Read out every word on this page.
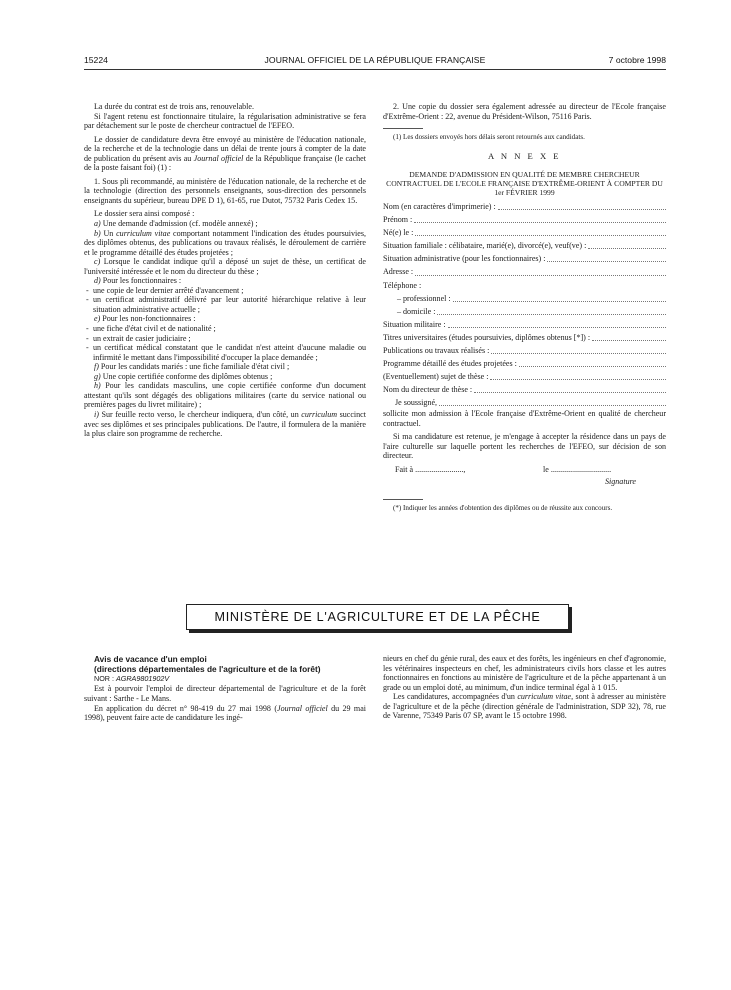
15224	JOURNAL OFFICIEL DE LA RÉPUBLIQUE FRANÇAISE	7 octobre 1998

La durée du contrat est de trois ans, renouvelable.

Si l'agent retenu est fonctionnaire titulaire, la régularisation administrative se fera par détachement sur le poste de chercheur contractuel de l'EFEO.

Le dossier de candidature devra être envoyé au ministère de l'éducation nationale, de la recherche et de la technologie dans un délai de trente jours à compter de la date de publication du présent avis au Journal officiel de la République française (le cachet de la poste faisant foi) (1) :

1. Sous pli recommandé, au ministère de l'éducation nationale, de la recherche et de la technologie (direction des personnels enseignants, sous-direction des personnels enseignants du supérieur, bureau DPE D 1), 61-65, rue Dutot, 75732 Paris Cedex 15.

Le dossier sera ainsi composé :

a) Une demande d'admission (cf. modèle annexé) ;

b) Un curriculum vitae comportant notamment l'indication des études poursuivies, des diplômes obtenus, des publications ou travaux réalisés, le déroulement de carrière et le programme détaillé des études projetées ;

c) Lorsque le candidat indique qu'il a déposé un sujet de thèse, un certificat de l'université intéressée et le nom du directeur du thèse ;

d) Pour les fonctionnaires :

- une copie de leur dernier arrêté d'avancement ;

- un certificat administratif délivré par leur autorité hiérarchique relative à leur situation administrative actuelle ;

e) Pour les non-fonctionnaires :

- une fiche d'état civil et de nationalité ;

- un extrait de casier judiciaire ;

- un certificat médical constatant que le candidat n'est atteint d'aucune maladie ou infirmité le mettant dans l'impossibilité d'occuper la place demandée ;

f) Pour les candidats mariés : une fiche familiale d'état civil ;

g) Une copie certifiée conforme des diplômes obtenus ;

h) Pour les candidats masculins, une copie certifiée conforme d'un document attestant qu'ils sont dégagés des obligations militaires (carte du service national ou premières pages du livret militaire) ;

i) Sur feuille recto verso, le chercheur indiquera, d'un côté, un curriculum succinct avec ses diplômes et ses principales publications. De l'autre, il formulera de la manière la plus claire son programme de recherche.

2. Une copie du dossier sera également adressée au directeur de l'Ecole française d'Extrême-Orient : 22, avenue du Président-Wilson, 75116 Paris.

(1) Les dossiers envoyés hors délais seront retournés aux candidats.

A N N E X E

DEMANDE D'ADMISSION EN QUALITÉ DE MEMBRE CHERCHEUR CONTRACTUEL DE L'ECOLE FRANÇAISE D'EXTRÊME-ORIENT À COMPTER DU 1er FÉVRIER 1999

Nom (en caractères d'imprimerie) :
Prénom :
Né(e) le :
Situation familiale : célibataire, marié(e), divorcé(e), veuf(ve) :
Situation administrative (pour les fonctionnaires) :
Adresse :
Téléphone :
– professionnel :
– domicile :
Situation militaire :
Titres universitaires (études poursuivies, diplômes obtenus [*]) :
Publications ou travaux réalisés :
Programme détaillé des études projetées :
(Eventuellement) sujet de thèse :
Nom du directeur de thèse :
Je soussigné,

sollicite mon admission à l'Ecole française d'Extrême-Orient en qualité de chercheur contractuel.

Si ma candidature est retenue, je m'engage à accepter la résidence dans un pays de l'aire culturelle sur laquelle portent les recherches de l'EFEO, sur décision de son directeur.

Fait à ........................,	le ..............................
Signature

(*) Indiquer les années d'obtention des diplômes ou de réussite aux concours.

MINISTÈRE DE L'AGRICULTURE ET DE LA PÊCHE

Avis de vacance d'un emploi

(directions départementales de l'agriculture et de la forêt)

NOR : AGRA9801902V

Est à pourvoir l'emploi de directeur départemental de l'agriculture et de la forêt suivant : Sarthe - Le Mans.

En application du décret n° 98-419 du 27 mai 1998 (Journal officiel du 29 mai 1998), peuvent faire acte de candidature les ingé-

nieurs en chef du génie rural, des eaux et des forêts, les ingénieurs en chef d'agronomie, les vétérinaires inspecteurs en chef, les administrateurs civils hors classe et les autres fonctionnaires en fonctions au ministère de l'agriculture et de la pêche appartenant à un grade ou un emploi doté, au minimum, d'un indice terminal égal à 1 015.

Les candidatures, accompagnées d'un curriculum vitae, sont à adresser au ministère de l'agriculture et de la pêche (direction générale de l'administration, SDP 32), 78, rue de Varenne, 75349 Paris 07 SP, avant le 15 octobre 1998.
